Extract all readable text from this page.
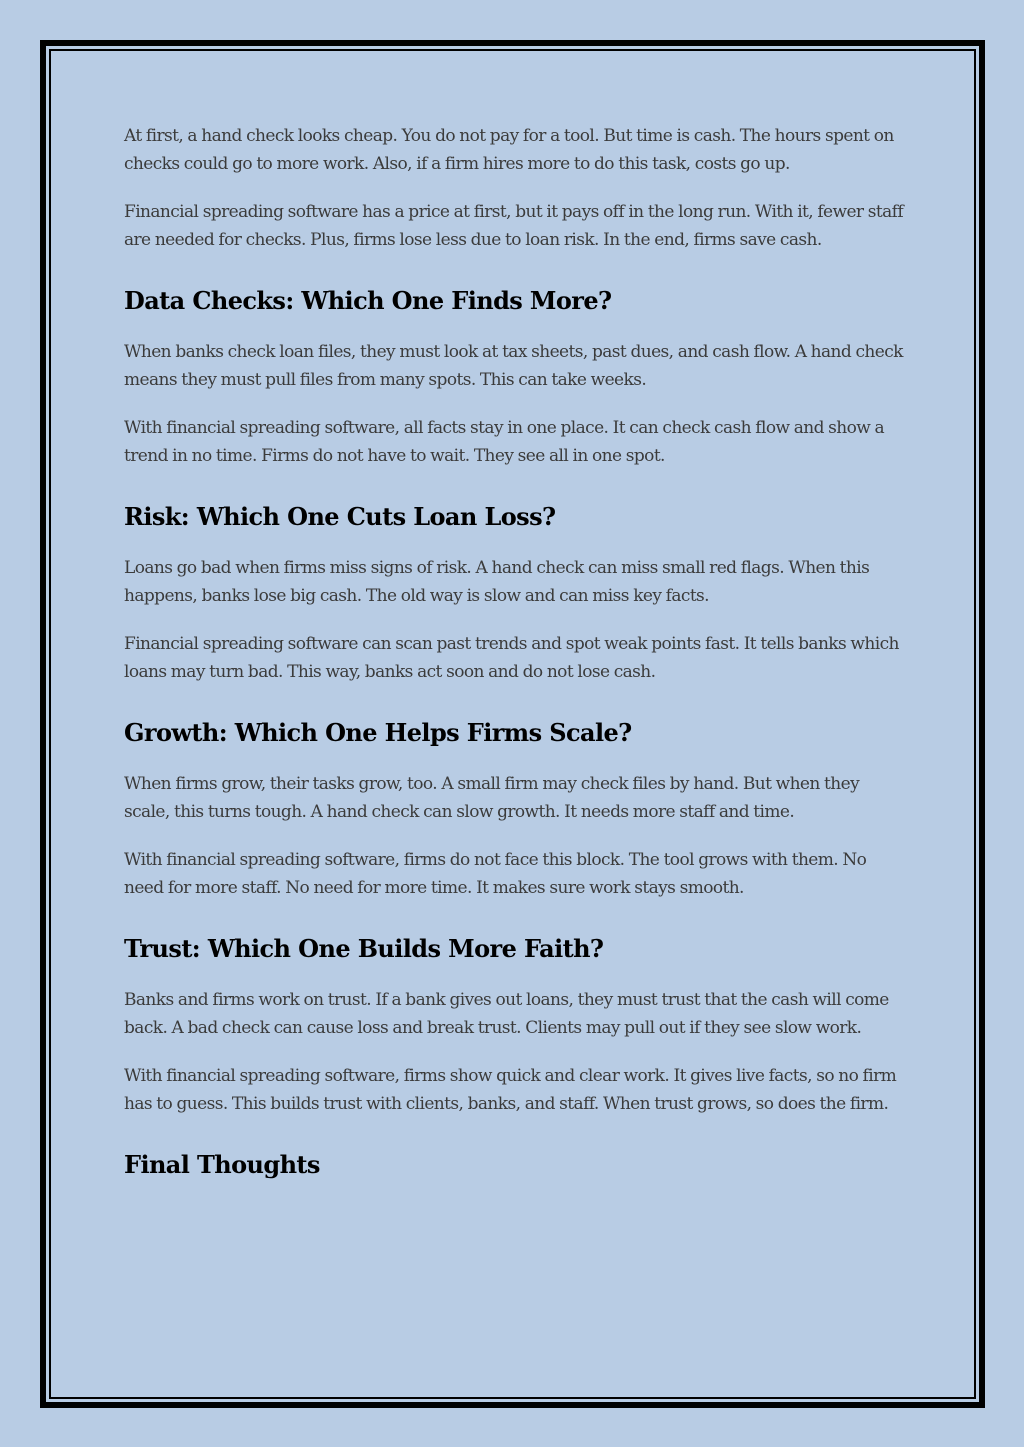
At first, a hand check looks cheap. You do not pay for a tool. But time is cash. The hours spent on checks could go to more work. Also, if a firm hires more to do this task, costs go up.

Financial spreading software has a price at first, but it pays off in the long run. With it, fewer staff are needed for checks. Plus, firms lose less due to loan risk. In the end, firms save cash.

Data Checks: Which One Finds More?

When banks check loan files, they must look at tax sheets, past dues, and cash flow. A hand check means they must pull files from many spots. This can take weeks.

With financial spreading software, all facts stay in one place. It can check cash flow and show a trend in no time. Firms do not have to wait. They see all in one spot.

Risk: Which One Cuts Loan Loss?

Loans go bad when firms miss signs of risk. A hand check can miss small red flags. When this happens, banks lose big cash. The old way is slow and can miss key facts.

Financial spreading software can scan past trends and spot weak points fast. It tells banks which loans may turn bad. This way, banks act soon and do not lose cash.

Growth: Which One Helps Firms Scale?

When firms grow, their tasks grow, too. A small firm may check files by hand. But when they scale, this turns tough. A hand check can slow growth. It needs more staff and time.

With financial spreading software, firms do not face this block. The tool grows with them. No need for more staff. No need for more time. It makes sure work stays smooth.

Trust: Which One Builds More Faith?

Banks and firms work on trust. If a bank gives out loans, they must trust that the cash will come back. A bad check can cause loss and break trust. Clients may pull out if they see slow work.

With financial spreading software, firms show quick and clear work. It gives live facts, so no firm has to guess. This builds trust with clients, banks, and staff. When trust grows, so does the firm.

Final Thoughts
